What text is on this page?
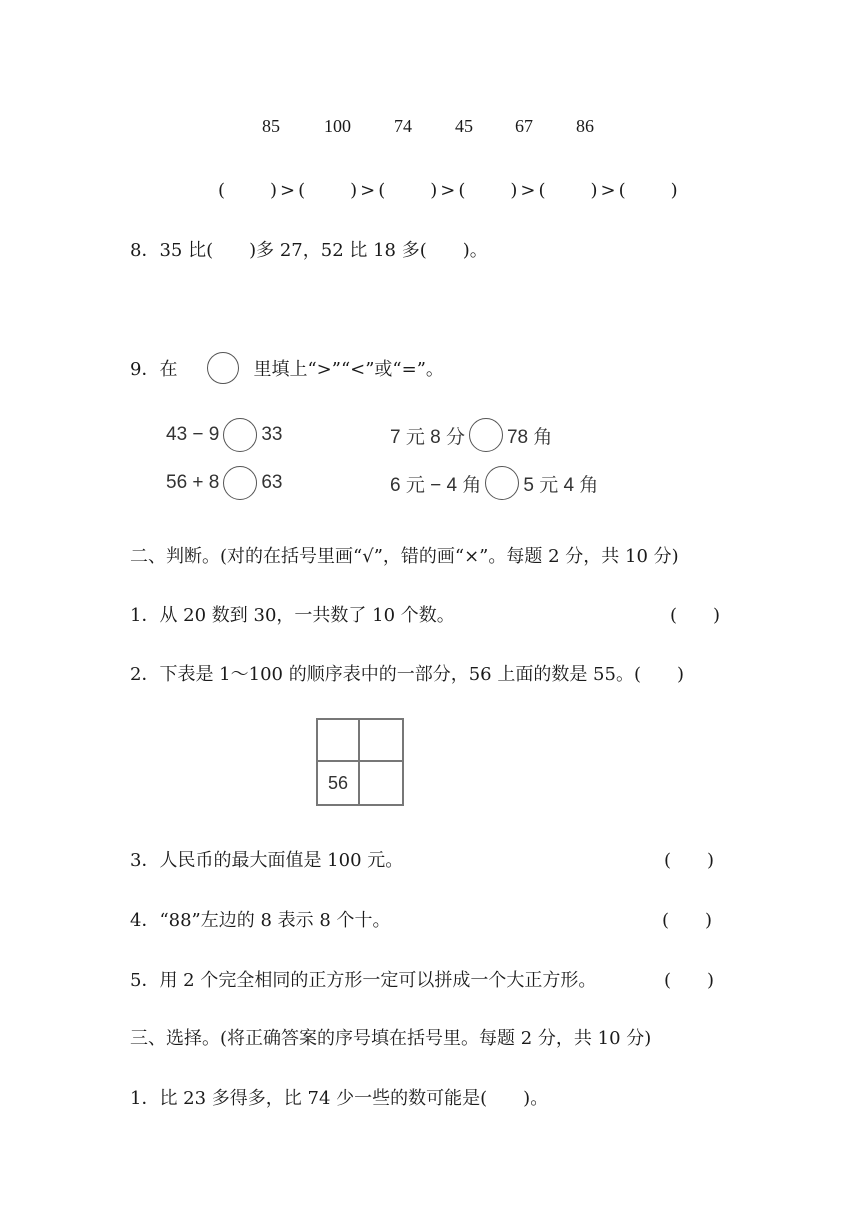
85 100 74 45 67 86
(　　)>(　　)>(　　)>(　　)>(　　)>(　　)
8．35 比(　　)多 27，52 比 18 多(　　)。
9．在	里填上“>”“<”或“=”。
43 − 9 33	7 元 8 分 78 角
56 + 8 63	6 元 − 4 角 5 元 4 角
二、判断。(对的在括号里画“√”，错的画“×”。每题 2 分，共 10 分)
1．从 20 数到 30，一共数了 10 个数。	(　　)
2．下表是 1～100 的顺序表中的一部分，56 上面的数是 55。(　　)
56
3．人民币的最大面值是 100 元。	(　　)
4．“88”左边的 8 表示 8 个十。	(　　)
5．用 2 个完全相同的正方形一定可以拼成一个大正方形。	(　　)
三、选择。(将正确答案的序号填在括号里。每题 2 分，共 10 分)
1．比 23 多得多，比 74 少一些的数可能是(　　)。
